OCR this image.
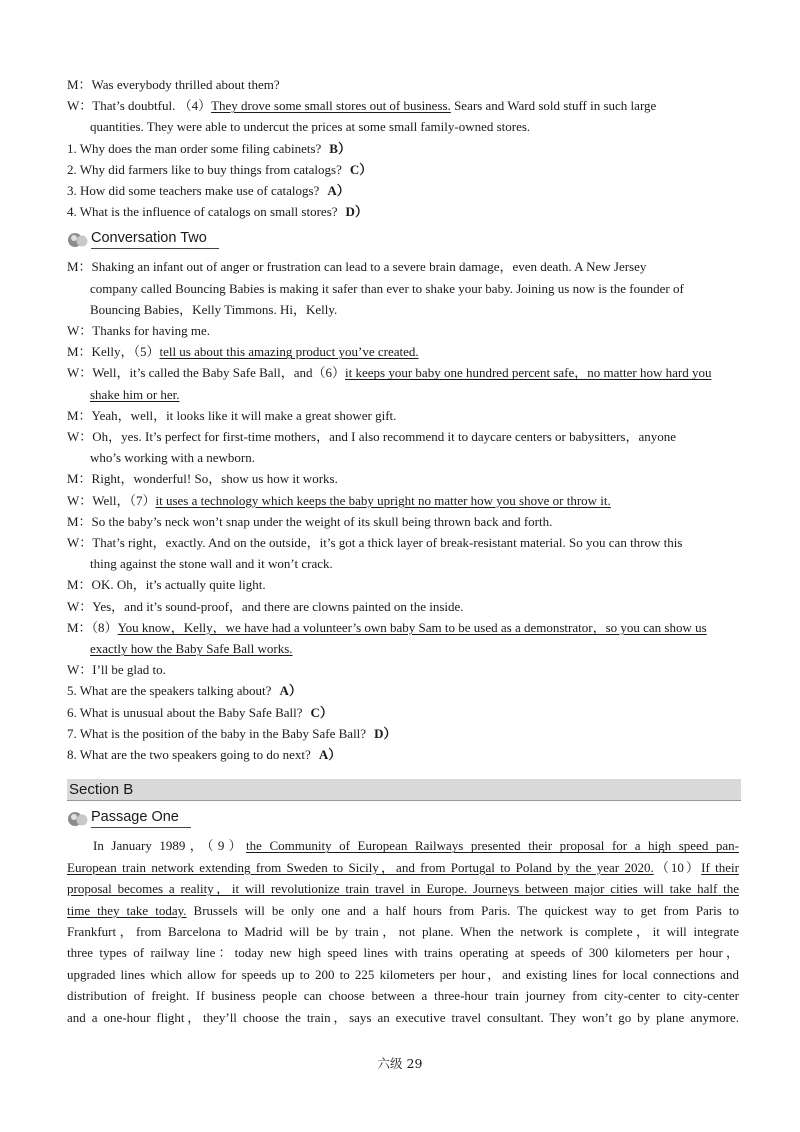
M：Was everybody thrilled about them?
W：That’s doubtful. （4）They drove some small stores out of business. Sears and Ward sold stuff in such large
quantities. They were able to undercut the prices at some small family-owned stores.
1. Why does the man order some filing cabinets? B）
2. Why did farmers like to buy things from catalogs? C）
3. How did some teachers make use of catalogs? A）
4. What is the influence of catalogs on small stores? D）
Conversation Two
M：Shaking an infant out of anger or frustration can lead to a severe brain damage，even death. A New Jersey
company called Bouncing Babies is making it safer than ever to shake your baby. Joining us now is the founder of
Bouncing Babies，Kelly Timmons. Hi，Kelly.
W：Thanks for having me.
M：Kelly，（5）tell us about this amazing product you’ve created.
W：Well，it’s called the Baby Safe Ball，and（6）it keeps your baby one hundred percent safe，no matter how hard you
shake him or her.
M：Yeah，well，it looks like it will make a great shower gift.
W：Oh，yes. It’s perfect for first-time mothers，and I also recommend it to daycare centers or babysitters，anyone
who’s working with a newborn.
M：Right，wonderful! So，show us how it works.
W：Well，（7）it uses a technology which keeps the baby upright no matter how you shove or throw it.
M：So the baby’s neck won’t snap under the weight of its skull being thrown back and forth.
W：That’s right，exactly. And on the outside，it’s got a thick layer of break-resistant material. So you can throw this
thing against the stone wall and it won’t crack.
M：OK. Oh，it’s actually quite light.
W：Yes，and it’s sound-proof，and there are clowns painted on the inside.
M：（8）You know，Kelly，we have had a volunteer’s own baby Sam to be used as a demonstrator，so you can show us
exactly how the Baby Safe Ball works.
W：I’ll be glad to.
5. What are the speakers talking about? A）
6. What is unusual about the Baby Safe Ball? C）
7. What is the position of the baby in the Baby Safe Ball? D）
8. What are the two speakers going to do next? A）
Section B
Passage One
In January 1989，（9）the Community of European Railways presented their proposal for a high speed pan-
European train network extending from Sweden to Sicily，and from Portugal to Poland by the year 2020.（10）If their
proposal becomes a reality，it will revolutionize train travel in Europe. Journeys between major cities will take half the
time they take today. Brussels will be only one and a half hours from Paris. The quickest way to get from Paris to
Frankfurt，from Barcelona to Madrid will be by train，not plane. When the network is complete，it will integrate
three types of railway line：today new high speed lines with trains operating at speeds of 300 kilometers per hour，
upgraded lines which allow for speeds up to 200 to 225 kilometers per hour，and existing lines for local connections and
distribution of freight. If business people can choose between a three-hour train journey from city-center to city-center
and a one-hour flight，they’ll choose the train，says an executive travel consultant. They won’t go by plane anymore.
六级 29
